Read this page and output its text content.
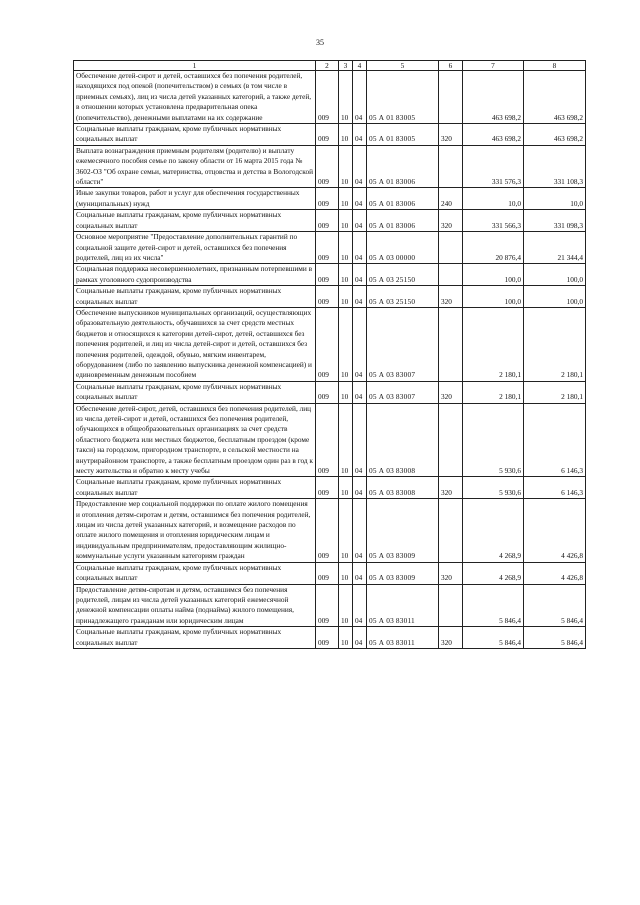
35
1	2	3	4	5	6	7	8
Обеспечение детей-сирот и детей, оставшихся без попечения родителей, находящихся под опекой (попечительством) в семьях (в том числе в приемных семьях), лиц из числа детей указанных категорий, а также детей, в отношении которых установлена предварительная опека (попечительство), денежными выплатами на их содержание	009	10	04	05 А 01 83005		463 698,2	463 698,2
Социальные выплаты гражданам, кроме публичных нормативных социальных выплат	009	10	04	05 А 01 83005	320	463 698,2	463 698,2
Выплата вознаграждения приемным родителям (родителю) и выплату ежемесячного пособия семье по закону области от 16 марта 2015 года № 3602-ОЗ "Об охране семьи, материнства, отцовства и детства в Вологодской области"	009	10	04	05 А 01 83006		331 576,3	331 108,3
Иные закупки товаров, работ и услуг для обеспечения государственных (муниципальных) нужд	009	10	04	05 А 01 83006	240	10,0	10,0
Социальные выплаты гражданам, кроме публичных нормативных социальных выплат	009	10	04	05 А 01 83006	320	331 566,3	331 098,3
Основное мероприятие "Предоставление дополнительных гарантий по социальной защите детей-сирот и детей, оставшихся без попечения родителей, лиц из их числа"	009	10	04	05 А 03 00000		20 876,4	21 344,4
Социальная поддержка несовершеннолетних, признанным потерпевшими в рамках уголовного судопроизводства	009	10	04	05 А 03 25150		100,0	100,0
Социальные выплаты гражданам, кроме публичных нормативных социальных выплат	009	10	04	05 А 03 25150	320	100,0	100,0
Обеспечение выпускников муниципальных организаций, осуществляющих образовательную деятельность, обучавшихся за счет средств местных бюджетов и относящихся к категории детей-сирот, детей, оставшихся без попечения родителей, и лиц из числа детей-сирот и детей, оставшихся без попечения родителей, одеждой, обувью, мягким инвентарем, оборудованием (либо по заявлению выпускника денежной компенсацией) и единовременным денежным пособием	009	10	04	05 А 03 83007		2 180,1	2 180,1
Социальные выплаты гражданам, кроме публичных нормативных социальных выплат	009	10	04	05 А 03 83007	320	2 180,1	2 180,1
Обеспечение детей-сирот, детей, оставшихся без попечения родителей, лиц из числа детей-сирот и детей, оставшихся без попечения родителей, обучающихся в общеобразовательных организациях за счет средств областного бюджета или местных бюджетов, бесплатным проездом (кроме такси) на городском, пригородном транспорте, в сельской местности на внутрирайонном транспорте, а также бесплатным проездом один раз в год к месту жительства и обратно к месту учебы	009	10	04	05 А 03 83008		5 930,6	6 146,3
Социальные выплаты гражданам, кроме публичных нормативных социальных выплат	009	10	04	05 А 03 83008	320	5 930,6	6 146,3
Предоставление мер социальной поддержки по оплате жилого помещения и отопления детям-сиротам и детям, оставшимся без попечения родителей, лицам из числа детей указанных категорий, и возмещение расходов по оплате жилого помещения и отопления юридическим лицам и индивидуальным предпринимателям, предоставляющим жилищно-коммунальные услуги указанным категориям граждан	009	10	04	05 А 03 83009		4 268,9	4 426,8
Социальные выплаты гражданам, кроме публичных нормативных социальных выплат	009	10	04	05 А 03 83009	320	4 268,9	4 426,8
Предоставление детям-сиротам и детям, оставшимся без попечения родителей, лицам из числа детей указанных категорий ежемесячной денежной компенсации оплаты найма (поднайма) жилого помещения, принадлежащего гражданам или юридическим лицам	009	10	04	05 А 03 83011		5 846,4	5 846,4
Социальные выплаты гражданам, кроме публичных нормативных социальных выплат	009	10	04	05 А 03 83011	320	5 846,4	5 846,4
